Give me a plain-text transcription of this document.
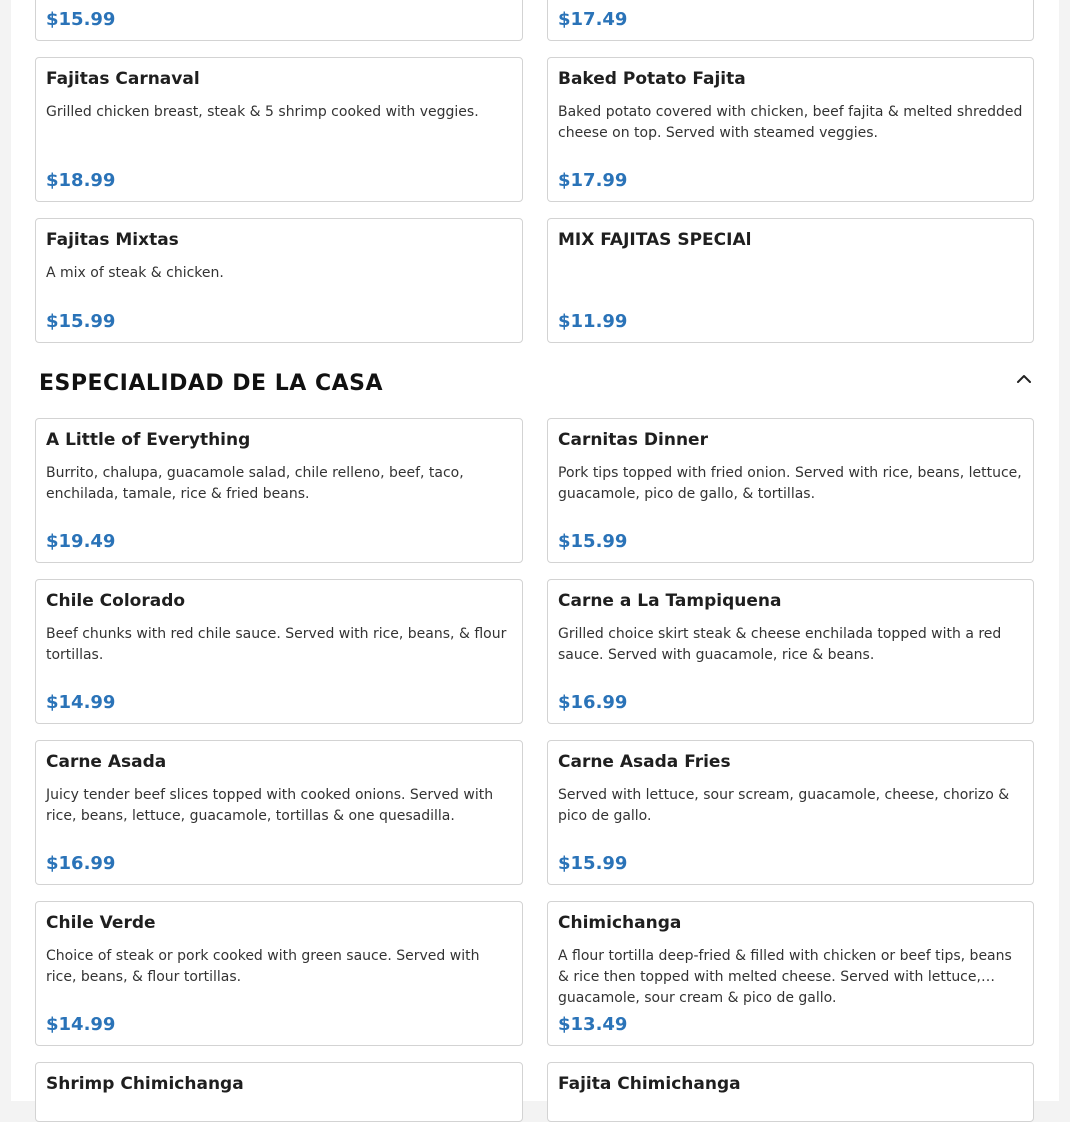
$15.99	$17.49
Fajitas Carnaval
Grilled chicken breast, steak & 5 shrimp cooked with veggies.
$18.99
Baked Potato Fajita
Baked potato covered with chicken, beef fajita & melted shredded cheese on top. Served with steamed veggies.
$17.99
Fajitas Mixtas
A mix of steak & chicken.
$15.99
MIX FAJITAS SPECIAl
$11.99
ESPECIALIDAD DE LA CASA
A Little of Everything
Burrito, chalupa, guacamole salad, chile relleno, beef, taco, enchilada, tamale, rice & fried beans.
$19.49
Carnitas Dinner
Pork tips topped with fried onion. Served with rice, beans, lettuce, guacamole, pico de gallo, & tortillas.
$15.99
Chile Colorado
Beef chunks with red chile sauce. Served with rice, beans, & flour tortillas.
$14.99
Carne a La Tampiquena
Grilled choice skirt steak & cheese enchilada topped with a red sauce. Served with guacamole, rice & beans.
$16.99
Carne Asada
Juicy tender beef slices topped with cooked onions. Served with rice, beans, lettuce, guacamole, tortillas & one quesadilla.
$16.99
Carne Asada Fries
Served with lettuce, sour scream, guacamole, cheese, chorizo & pico de gallo.
$15.99
Chile Verde
Choice of steak or pork cooked with green sauce. Served with rice, beans, & flour tortillas.
$14.99
Chimichanga
A flour tortilla deep-fried & filled with chicken or beef tips, beans & rice then topped with melted cheese. Served with lettuce, guacamole, sour cream & pico de gallo.
$13.49
Shrimp Chimichanga	Fajita Chimichanga
